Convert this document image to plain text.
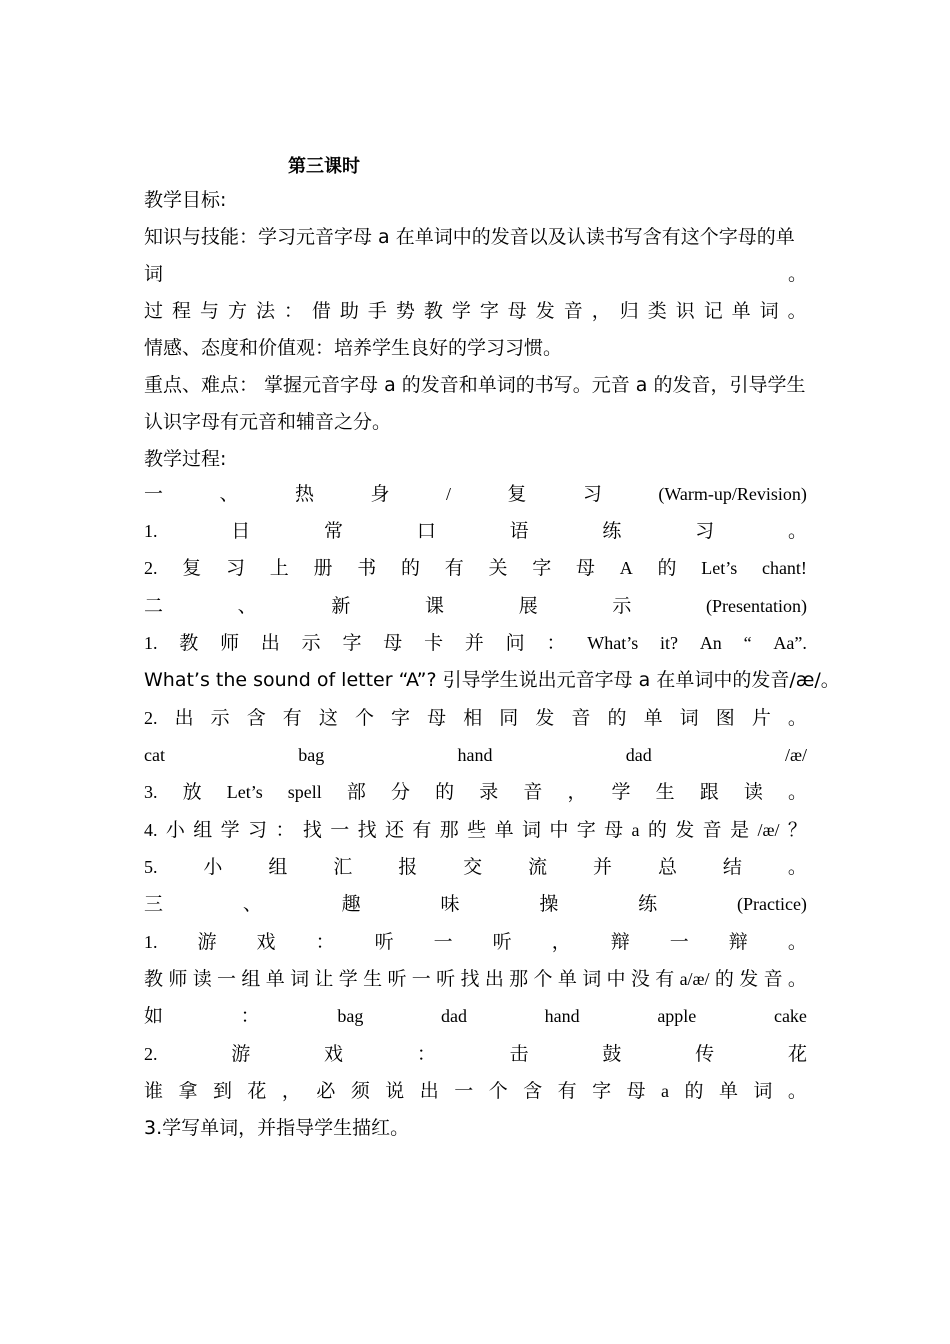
第三课时
教学目标:
知识与技能：学习元音字母 a 在单词中的发音以及认读书写含有这个字母的单
词	。
过 程 与 方 法 ： 借 助 手 势 教 学 字 母 发 音 ， 归 类 识 记 单 词 。
情感、态度和价值观：培养学生良好的学习习惯。
重点、难点： 掌握元音字母 a 的发音和单词的书写。元音 a 的发音，引导学生
认识字母有元音和辅音之分。
教学过程:
一	、	热	身	/	复	习	(Warm-up/Revision)
1.	日	常	口	语	练	习	。
2. 复 习 上 册 书 的 有 关 字 母 A 的 Let’s chant!
二	、	新	课	展	示	(Presentation)
1. 教 师 出 示 字 母 卡 并 问 ： What’s it? An “ Aa”.
What’s the sound of letter “A”? 引导学生说出元音字母 a 在单词中的发音/æ/。
2. 出 示 含 有 这 个 字 母 相 同 发 音 的 单 词 图 片 。
cat	bag	hand	dad	/æ/
3. 放 Let’s spell 部 分 的 录 音 ， 学 生 跟 读 。
4. 小 组 学 习 ： 找 一 找 还 有 那 些 单 词 中 字 母 a 的 发 音 是 /æ/ ？
5. 小 组 汇 报 交 流 并 总 结 。
三	、	趣	味	操	练	(Practice)
1. 游 戏 ： 听 一 听 ， 辩 一 辩 。
教 师 读 一 组 单 词 让 学 生 听 一 听 找 出 那 个 单 词 中 没 有 a/æ/ 的 发 音 。
如	：	bag	dad	hand	apple	cake
2.	游	戏	：	击	鼓	传	花
谁 拿 到 花 ， 必 须 说 出 一 个 含 有 字 母 a 的 单 词 。
3.学写单词，并指导学生描红。
